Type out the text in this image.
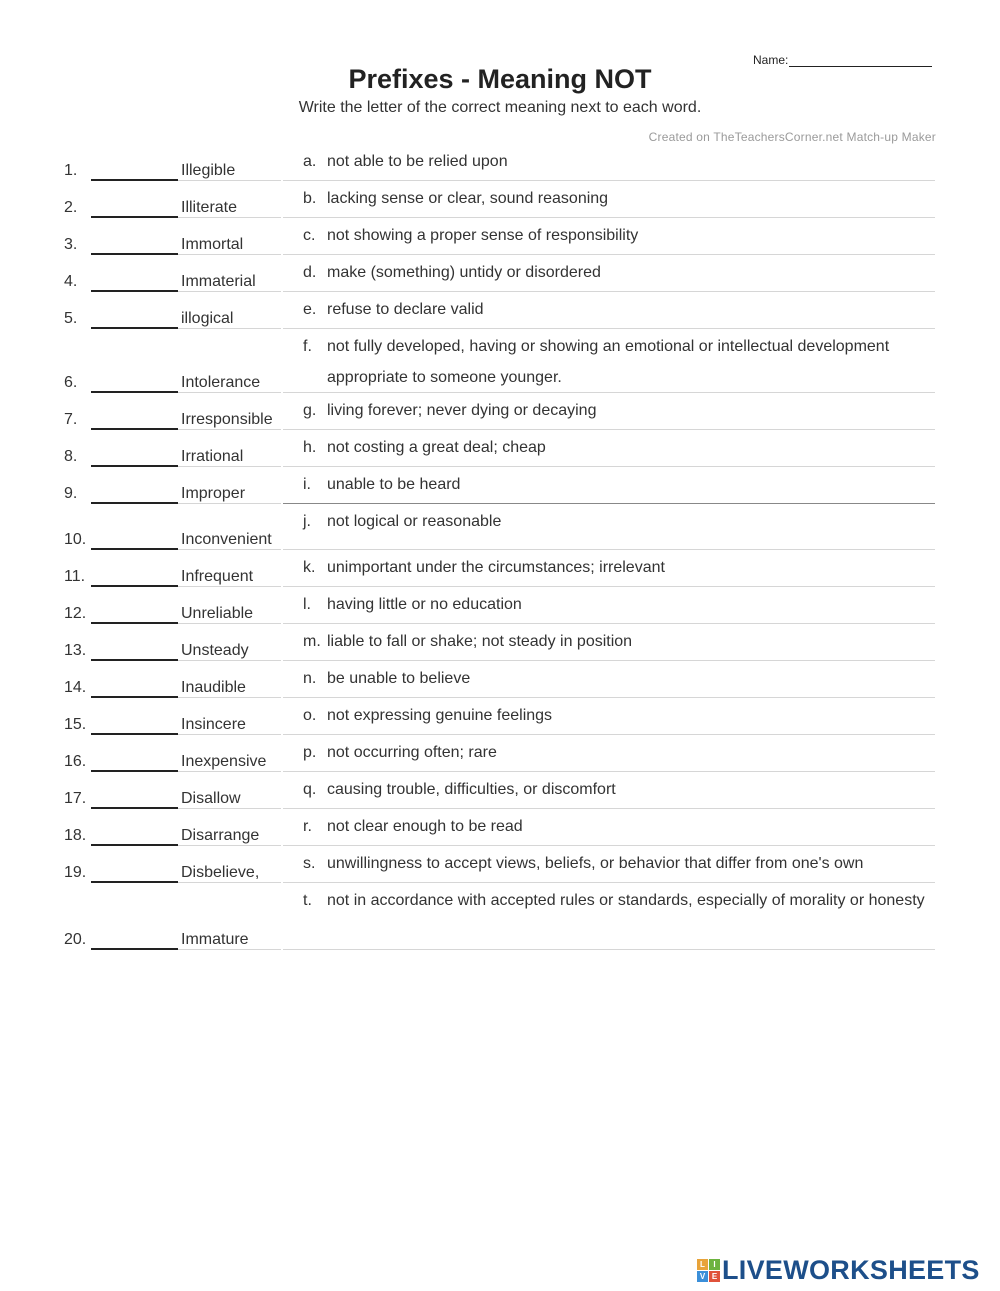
Name:
Prefixes - Meaning NOT
Write the letter of the correct meaning next to each word.
Created on TheTeachersCorner.net Match-up Maker
1.	Illegible
a. not able to be relied upon
2.	Illiterate
b. lacking sense or clear, sound reasoning
3.	Immortal
c. not showing a proper sense of responsibility
4.	Immaterial
d. make (something) untidy or disordered
5.	illogical
e. refuse to declare valid
6.	Intolerance
f. not fully developed, having or showing an emotional or intellectual development appropriate to someone younger.
7.	Irresponsible
g. living forever; never dying or decaying
8.	Irrational
h. not costing a great deal; cheap
9.	Improper
i.	unable to be heard
10.	Inconvenient
j.	not logical or reasonable
11.	Infrequent
k. unimportant under the circumstances; irrelevant
12.	Unreliable
l.	having little or no education
13.	Unsteady
m. liable to fall or shake; not steady in position
14.	Inaudible
n. be unable to believe
15.	Insincere
o. not expressing genuine feelings
16.	Inexpensive
p. not occurring often; rare
17.	Disallow
q. causing trouble, difficulties, or discomfort
18.	Disarrange
r. not clear enough to be read
19.	Disbelieve,
s. unwillingness to accept views, beliefs, or behavior that differ from one's own
20.	Immature
t. not in accordance with accepted rules or standards, especially of morality or honesty
L	I
V E LIVEWORKSHEETS
